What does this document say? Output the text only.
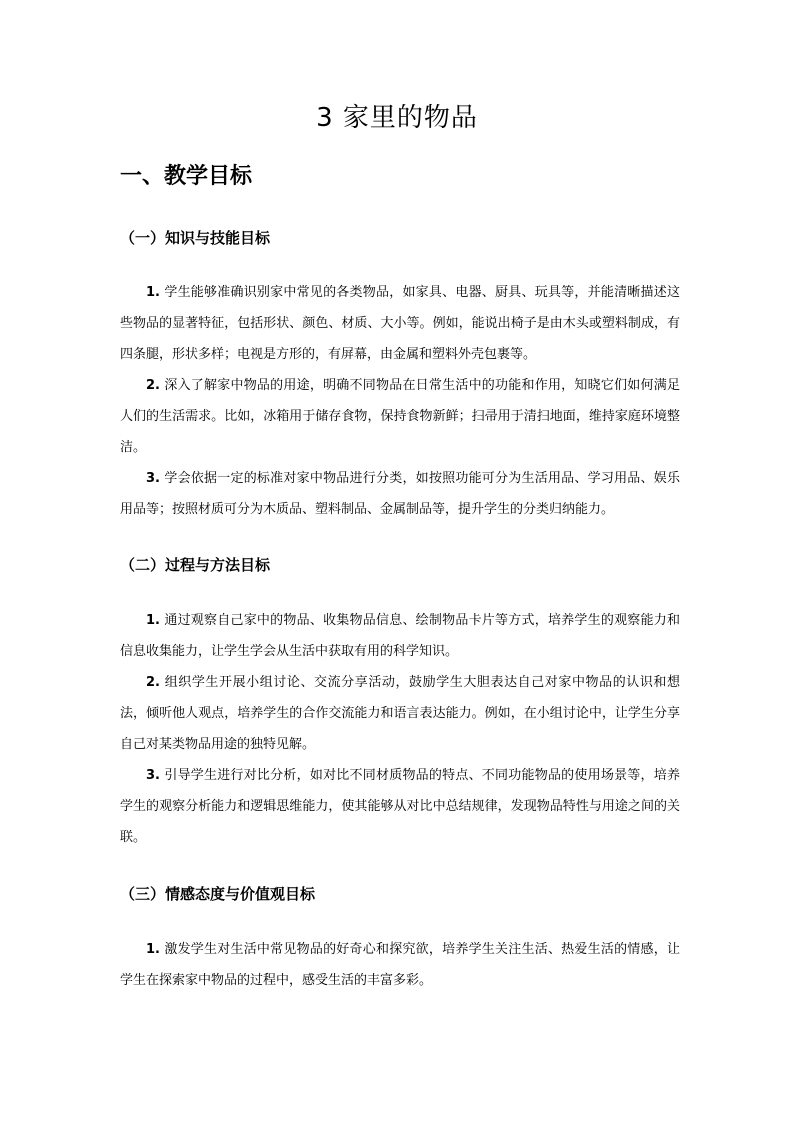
3 家里的物品
一、教学目标
（一）知识与技能目标

1. 学生能够准确识别家中常见的各类物品，如家具、电器、厨具、玩具等，并能清晰描述这些物品的显著特征，包括形状、颜色、材质、大小等。例如，能说出椅子是由木头或塑料制成，有四条腿，形状多样；电视是方形的，有屏幕，由金属和塑料外壳包裹等。

2. 深入了解家中物品的用途，明确不同物品在日常生活中的功能和作用，知晓它们如何满足人们的生活需求。比如，冰箱用于储存食物，保持食物新鲜；扫帚用于清扫地面，维持家庭环境整洁。

3. 学会依据一定的标准对家中物品进行分类，如按照功能可分为生活用品、学习用品、娱乐用品等；按照材质可分为木质品、塑料制品、金属制品等，提升学生的分类归纳能力。

（二）过程与方法目标

1. 通过观察自己家中的物品、收集物品信息、绘制物品卡片等方式，培养学生的观察能力和信息收集能力，让学生学会从生活中获取有用的科学知识。

2. 组织学生开展小组讨论、交流分享活动，鼓励学生大胆表达自己对家中物品的认识和想法，倾听他人观点，培养学生的合作交流能力和语言表达能力。例如，在小组讨论中，让学生分享自己对某类物品用途的独特见解。

3. 引导学生进行对比分析，如对比不同材质物品的特点、不同功能物品的使用场景等，培养学生的观察分析能力和逻辑思维能力，使其能够从对比中总结规律，发现物品特性与用途之间的关联。

（三）情感态度与价值观目标

1. 激发学生对生活中常见物品的好奇心和探究欲，培养学生关注生活、热爱生活的情感，让学生在探索家中物品的过程中，感受生活的丰富多彩。
